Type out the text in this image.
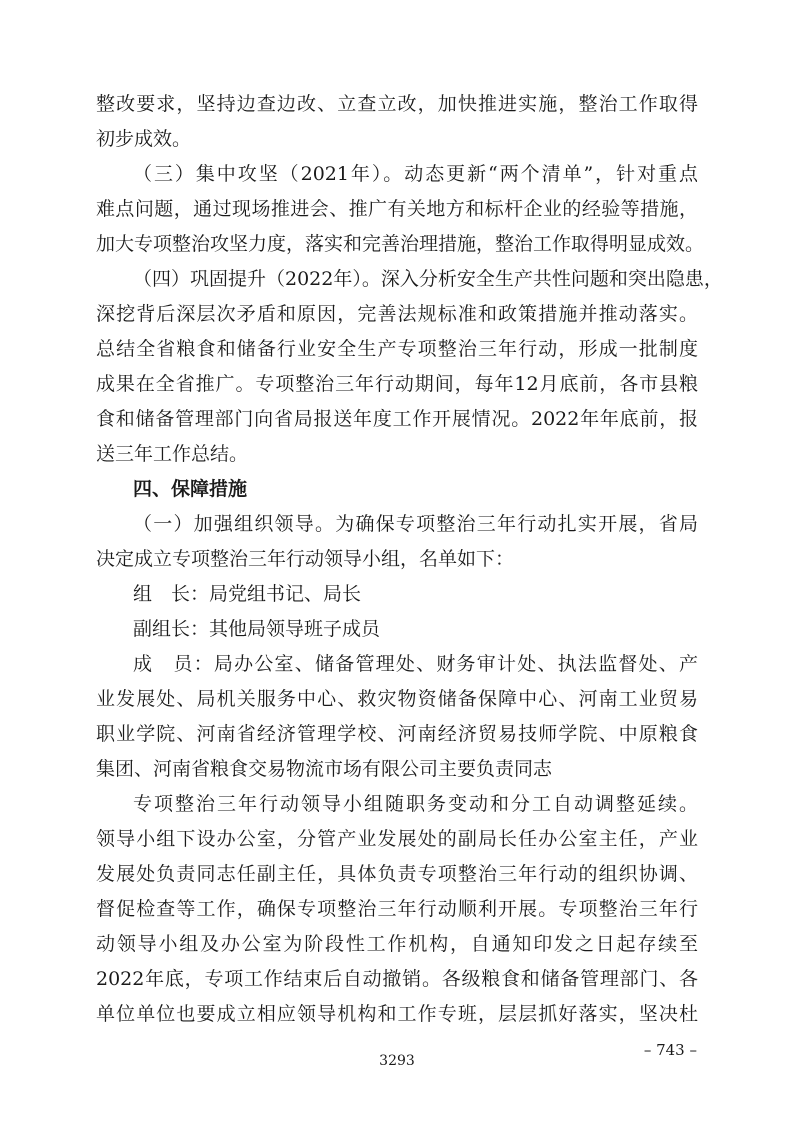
整改要求，坚持边查边改、立查立改，加快推进实施，整治工作取得
初步成效。
（三）集中攻坚（2021年）。动态更新“两个清单”，针对重点
难点问题，通过现场推进会、推广有关地方和标杆企业的经验等措施，
加大专项整治攻坚力度，落实和完善治理措施，整治工作取得明显成效。
（四）巩固提升（2022年）。深入分析安全生产共性问题和突出隐患，
深挖背后深层次矛盾和原因，完善法规标准和政策措施并推动落实。
总结全省粮食和储备行业安全生产专项整治三年行动，形成一批制度
成果在全省推广。专项整治三年行动期间，每年12月底前，各市县粮
食和储备管理部门向省局报送年度工作开展情况。2022年年底前，报
送三年工作总结。
四、保障措施
（一）加强组织领导。为确保专项整治三年行动扎实开展，省局
决定成立专项整治三年行动领导小组，名单如下：
组　长：局党组书记、局长
副组长：其他局领导班子成员
成　员：局办公室、储备管理处、财务审计处、执法监督处、产
业发展处、局机关服务中心、救灾物资储备保障中心、河南工业贸易
职业学院、河南省经济管理学校、河南经济贸易技师学院、中原粮食
集团、河南省粮食交易物流市场有限公司主要负责同志
专项整治三年行动领导小组随职务变动和分工自动调整延续。
领导小组下设办公室，分管产业发展处的副局长任办公室主任，产业
发展处负责同志任副主任，具体负责专项整治三年行动的组织协调、
督促检查等工作，确保专项整治三年行动顺利开展。专项整治三年行
动领导小组及办公室为阶段性工作机构，自通知印发之日起存续至
2022年底，专项工作结束后自动撤销。各级粮食和储备管理部门、各
单位单位也要成立相应领导机构和工作专班，层层抓好落实，坚决杜
– 743 –
3293
